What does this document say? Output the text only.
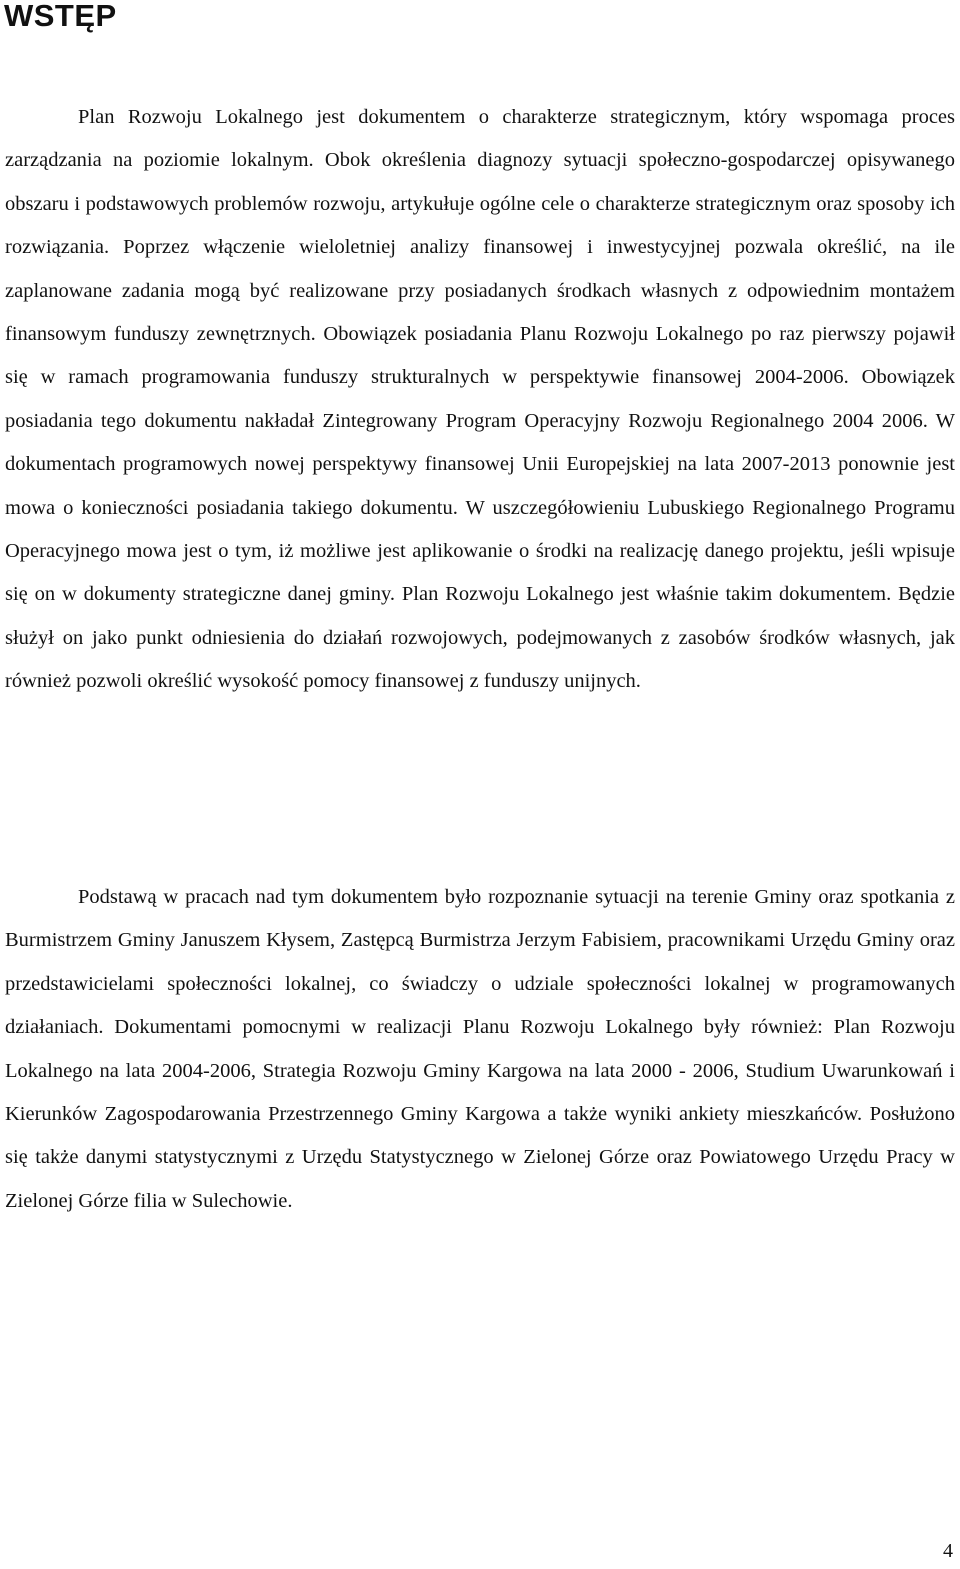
WSTĘP
Plan Rozwoju Lokalnego jest dokumentem o charakterze strategicznym, który wspomaga proces zarządzania na poziomie lokalnym. Obok określenia diagnozy sytuacji społeczno-gospodarczej opisywanego obszaru i podstawowych problemów rozwoju, artykułuje ogólne cele o charakterze strategicznym oraz sposoby ich rozwiązania. Poprzez włączenie wieloletniej analizy finansowej i inwestycyjnej pozwala określić, na ile zaplanowane zadania mogą być realizowane przy posiadanych środkach własnych z odpowiednim montażem finansowym funduszy zewnętrznych. Obowiązek posiadania Planu Rozwoju Lokalnego po raz pierwszy pojawił się w ramach programowania funduszy strukturalnych w perspektywie finansowej 2004-2006. Obowiązek posiadania tego dokumentu nakładał Zintegrowany Program Operacyjny Rozwoju Regionalnego 2004 2006. W dokumentach programowych nowej perspektywy finansowej Unii Europejskiej na lata 2007-2013 ponownie jest mowa o konieczności posiadania takiego dokumentu. W uszczegółowieniu Lubuskiego Regionalnego Programu Operacyjnego mowa jest o tym, iż możliwe jest aplikowanie o środki na realizację danego projektu, jeśli wpisuje się on w dokumenty strategiczne danej gminy. Plan Rozwoju Lokalnego jest właśnie takim dokumentem. Będzie służył on jako punkt odniesienia do działań rozwojowych, podejmowanych z zasobów środków własnych, jak również pozwoli określić wysokość pomocy finansowej z funduszy unijnych.

Podstawą w pracach nad tym dokumentem było rozpoznanie sytuacji na terenie Gminy oraz spotkania z Burmistrzem Gminy Januszem Kłysem, Zastępcą Burmistrza Jerzym Fabisiem, pracownikami Urzędu Gminy oraz przedstawicielami społeczności lokalnej, co świadczy o udziale społeczności lokalnej w programowanych działaniach. Dokumentami pomocnymi w realizacji Planu Rozwoju Lokalnego były również: Plan Rozwoju Lokalnego na lata 2004-2006, Strategia Rozwoju Gminy Kargowa na lata 2000 - 2006, Studium Uwarunkowań i Kierunków Zagospodarowania Przestrzennego Gminy Kargowa a także wyniki ankiety mieszkańców. Posłużono się także danymi statystycznymi z Urzędu Statystycznego w Zielonej Górze oraz Powiatowego Urzędu Pracy w Zielonej Górze filia w Sulechowie.

4
